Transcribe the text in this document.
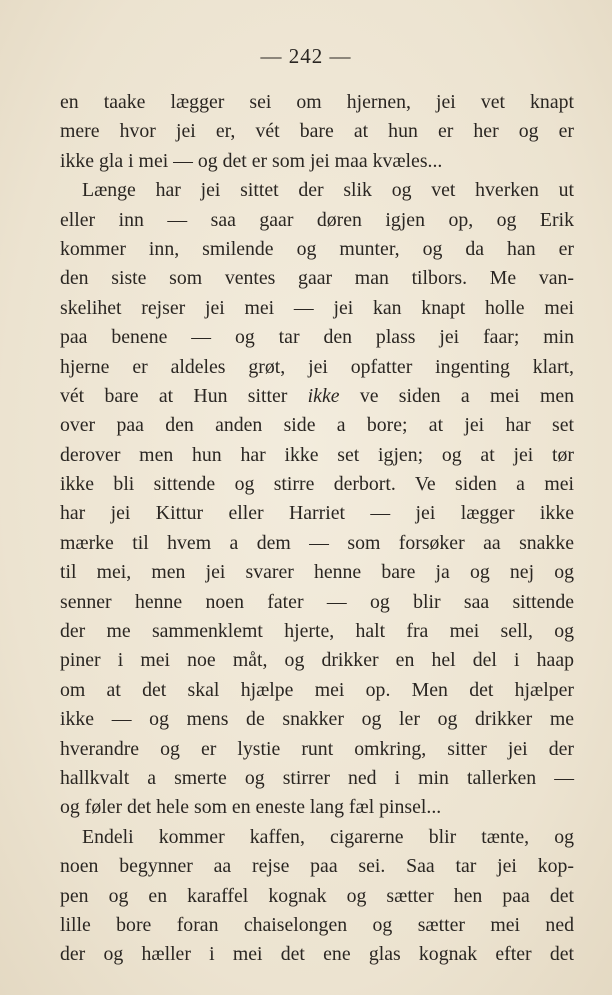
— 242 —
en taake lægger sei om hjernen, jei vet knapt
mere hvor jei er, vét bare at hun er her og er
ikke gla i mei — og det er som jei maa kvæles...
Længe har jei sittet der slik og vet hverken ut
eller inn — saa gaar døren igjen op, og Erik
kommer inn, smilende og munter, og da han er
den siste som ventes gaar man tilbors. Me van-
skelihet rejser jei mei — jei kan knapt holle mei
paa benene — og tar den plass jei faar; min
hjerne er aldeles grøt, jei opfatter ingenting klart,
vét bare at Hun sitter ikke ve siden a mei men
over paa den anden side a bore; at jei har set
derover men hun har ikke set igjen; og at jei tør
ikke bli sittende og stirre derbort. Ve siden a mei
har jei Kittur eller Harriet — jei lægger ikke
mærke til hvem a dem — som forsøker aa snakke
til mei, men jei svarer henne bare ja og nej og
senner henne noen fater — og blir saa sittende
der me sammenklemt hjerte, halt fra mei sell, og
piner i mei noe måt, og drikker en hel del i haap
om at det skal hjælpe mei op. Men det hjælper
ikke — og mens de snakker og ler og drikker me
hverandre og er lystie runt omkring, sitter jei der
hallkvalt a smerte og stirrer ned i min tallerken —
og føler det hele som en eneste lang fæl pinsel...
Endeli kommer kaffen, cigarerne blir tænte, og
noen begynner aa rejse paa sei. Saa tar jei kop-
pen og en karaffel kognak og sætter hen paa det
lille bore foran chaiselongen og sætter mei ned
der og hæller i mei det ene glas kognak efter det
